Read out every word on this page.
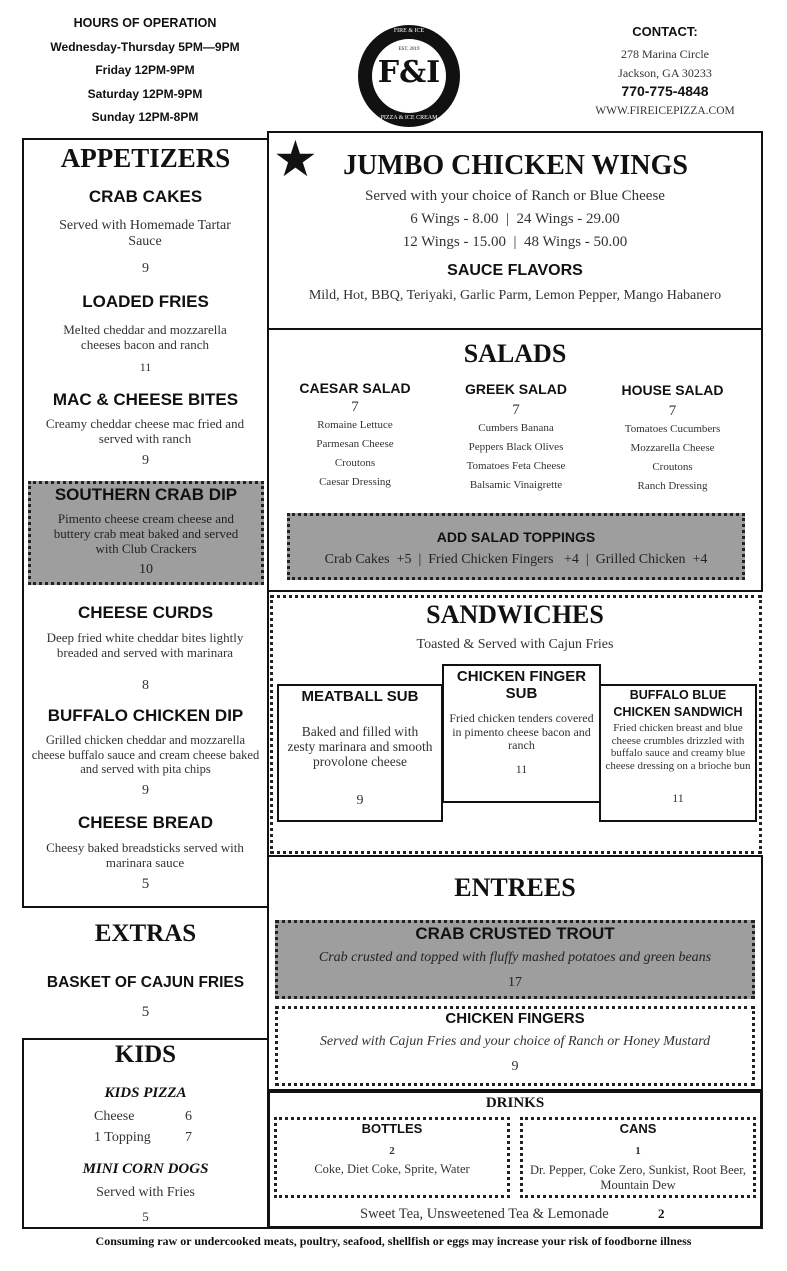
HOURS OF OPERATION
Wednesday-Thursday 5PM—9PM
Friday 12PM-9PM
Saturday 12PM-9PM
Sunday 12PM-8PM
F&I
FIRE & ICE
PIZZA & ICE CREAM
EST. 2019
CONTACT:
278 Marina Circle
Jackson, GA 30233
770-775-4848
WWW.FIREICEPIZZA.COM
APPETIZERS
CRAB CAKES
Served with Homemade Tartar Sauce
9
LOADED FRIES
Melted cheddar and mozzarella cheeses bacon and ranch
11
MAC & CHEESE BITES
Creamy cheddar cheese mac fried and served with ranch
9
SOUTHERN CRAB DIP
Pimento cheese cream cheese and buttery crab meat baked and served with Club Crackers
10
CHEESE CURDS
Deep fried white cheddar bites lightly breaded and served with marinara
8
BUFFALO CHICKEN DIP
Grilled chicken cheddar and mozzarella cheese buffalo sauce and cream cheese baked and served with pita chips
9
CHEESE BREAD
Cheesy baked breadsticks served with marinara sauce
5
EXTRAS
BASKET OF CAJUN FRIES
5
KIDS
KIDS PIZZA
Cheese	6
1 Topping 7
MINI CORN DOGS
Served with Fries
5
★ JUMBO CHICKEN WINGS
Served with your choice of Ranch or Blue Cheese
6 Wings - 8.00  |  24 Wings - 29.00
12 Wings - 15.00  |  48 Wings - 50.00
SAUCE FLAVORS
Mild, Hot, BBQ, Teriyaki, Garlic Parm, Lemon Pepper, Mango Habanero
SALADS
CAESAR SALAD
7
Romaine Lettuce
Parmesan Cheese
Croutons
Caesar Dressing
GREEK SALAD
7
Cumbers Banana
Peppers Black Olives
Tomatoes Feta Cheese
Balsamic Vinaigrette
HOUSE SALAD
7
Tomatoes Cucumbers
Mozzarella Cheese
Croutons
Ranch Dressing
ADD SALAD TOPPINGS
Crab Cakes  +5  |  Fried Chicken Fingers   +4  |  Grilled Chicken  +4
SANDWICHES
Toasted & Served with Cajun Fries
MEATBALL SUB
Baked and filled with zesty marinara and smooth provolone cheese
9
CHICKEN FINGER SUB
Fried chicken tenders covered in pimento cheese bacon and ranch
11
BUFFALO BLUE CHICKEN SANDWICH
Fried chicken breast and blue cheese crumbles drizzled with buffalo sauce and creamy blue cheese dressing on a brioche bun
11
ENTREES
CRAB CRUSTED TROUT
Crab crusted and topped with fluffy mashed potatoes and green beans
17
CHICKEN FINGERS
Served with Cajun Fries and your choice of Ranch or Honey Mustard
9
DRINKS
BOTTLES
2
Coke, Diet Coke, Sprite, Water
CANS
1
Dr. Pepper, Coke Zero, Sunkist, Root Beer, Mountain Dew
Sweet Tea, Unsweetened Tea & Lemonade	2
Consuming raw or undercooked meats, poultry, seafood, shellfish or eggs may increase your risk of foodborne illness
